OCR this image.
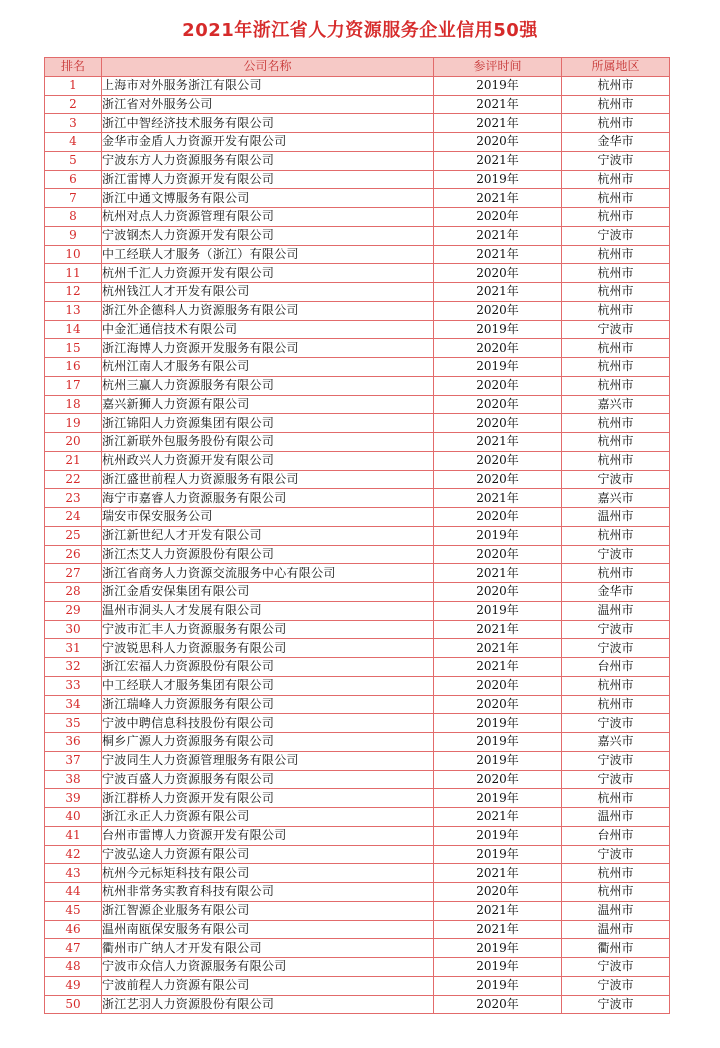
2021年浙江省人力资源服务企业信用50强
排名	公司名称	参评时间	所属地区
1	上海市对外服务浙江有限公司	2019年	杭州市
2	浙江省对外服务公司	2021年	杭州市
3	浙江中智经济技术服务有限公司	2021年	杭州市
4	金华市金盾人力资源开发有限公司	2020年	金华市
5	宁波东方人力资源服务有限公司	2021年	宁波市
6	浙江雷博人力资源开发有限公司	2019年	杭州市
7	浙江中通文博服务有限公司	2021年	杭州市
8	杭州对点人力资源管理有限公司	2020年	杭州市
9	宁波钢杰人力资源开发有限公司	2021年	宁波市
10	中工经联人才服务（浙江）有限公司	2021年	杭州市
11	杭州千汇人力资源开发有限公司	2020年	杭州市
12	杭州钱江人才开发有限公司	2021年	杭州市
13	浙江外企德科人力资源服务有限公司	2020年	杭州市
14	中金汇通信技术有限公司	2019年	宁波市
15	浙江海博人力资源开发服务有限公司	2020年	杭州市
16	杭州江南人才服务有限公司	2019年	杭州市
17	杭州三赢人力资源服务有限公司	2020年	杭州市
18	嘉兴新狮人力资源有限公司	2020年	嘉兴市
19	浙江锦阳人力资源集团有限公司	2020年	杭州市
20	浙江新联外包服务股份有限公司	2021年	杭州市
21	杭州政兴人力资源开发有限公司	2020年	杭州市
22	浙江盛世前程人力资源服务有限公司	2020年	宁波市
23	海宁市嘉睿人力资源服务有限公司	2021年	嘉兴市
24	瑞安市保安服务公司	2020年	温州市
25	浙江新世纪人才开发有限公司	2019年	杭州市
26	浙江杰艾人力资源股份有限公司	2020年	宁波市
27	浙江省商务人力资源交流服务中心有限公司	2021年	杭州市
28	浙江金盾安保集团有限公司	2020年	金华市
29	温州市洞头人才发展有限公司	2019年	温州市
30	宁波市汇丰人力资源服务有限公司	2021年	宁波市
31	宁波锐思科人力资源服务有限公司	2021年	宁波市
32	浙江宏福人力资源股份有限公司	2021年	台州市
33	中工经联人才服务集团有限公司	2020年	杭州市
34	浙江瑞峰人力资源服务有限公司	2020年	杭州市
35	宁波中聘信息科技股份有限公司	2019年	宁波市
36	桐乡广源人力资源服务有限公司	2019年	嘉兴市
37	宁波同生人力资源管理服务有限公司	2019年	宁波市
38	宁波百盛人力资源服务有限公司	2020年	宁波市
39	浙江群桥人力资源开发有限公司	2019年	杭州市
40	浙江永正人力资源有限公司	2021年	温州市
41	台州市雷博人力资源开发有限公司	2019年	台州市
42	宁波弘途人力资源有限公司	2019年	宁波市
43	杭州今元标矩科技有限公司	2021年	杭州市
44	杭州非常务实教育科技有限公司	2020年	杭州市
45	浙江智源企业服务有限公司	2021年	温州市
46	温州南瓯保安服务有限公司	2021年	温州市
47	衢州市广纳人才开发有限公司	2019年	衢州市
48	宁波市众信人力资源服务有限公司	2019年	宁波市
49	宁波前程人力资源有限公司	2019年	宁波市
50	浙江艺羽人力资源股份有限公司	2020年	宁波市
